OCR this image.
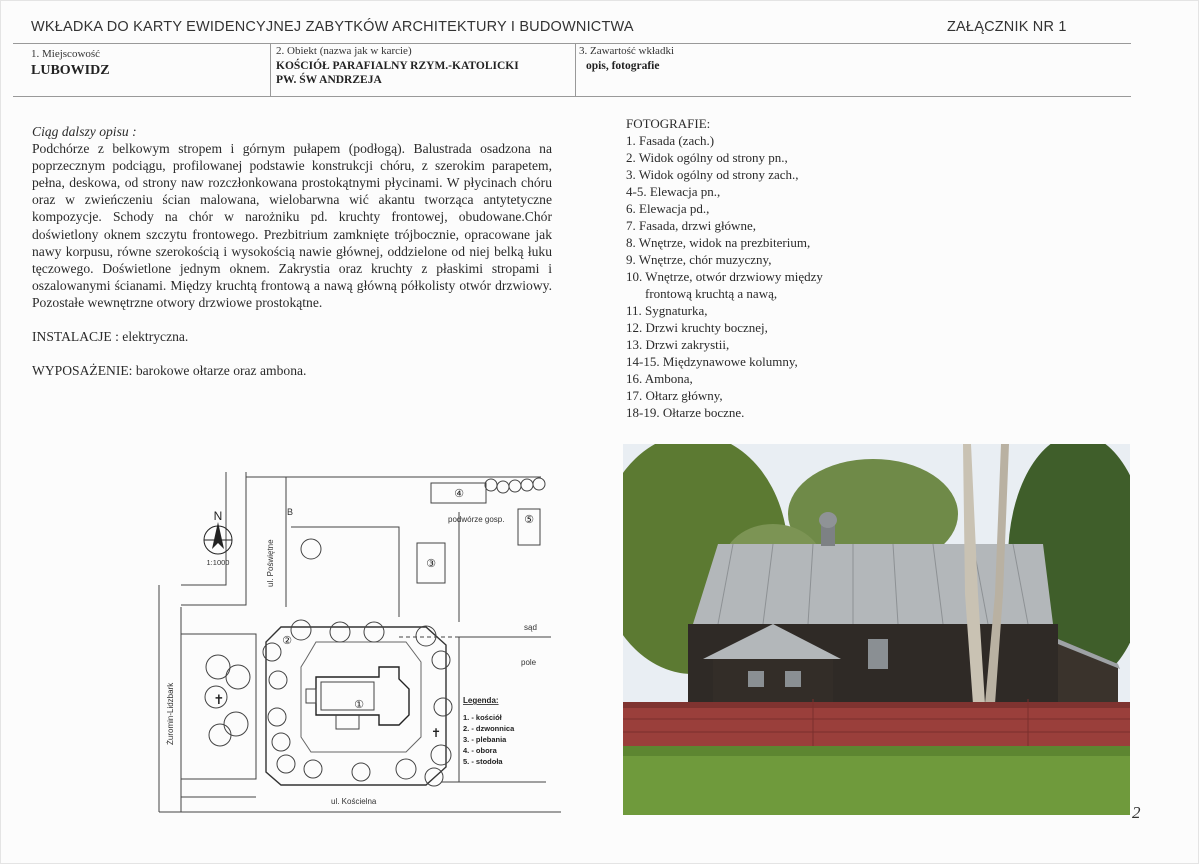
WKŁADKA DO KARTY EWIDENCYJNEJ ZABYTKÓW ARCHITEKTURY I BUDOWNICTWA	ZAŁĄCZNIK NR 1
1. Miejscowość
LUBOWIDZ
2. Obiekt (nazwa jak w karcie)
KOŚCIÓŁ PARAFIALNY RZYM.-KATOLICKI
PW. ŚW ANDRZEJA
3. Zawartość wkładki
opis, fotografie

Ciąg dalszy opisu :

Podchórze z belkowym stropem i górnym pułapem (podłogą). Balustrada osadzona na poprzecznym podciągu, profilowanej podstawie konstrukcji chóru, z szerokim parapetem, pełna, deskowa, od strony naw rozczłonkowana prostokątnymi płycinami. W płycinach chóru oraz w zwieńczeniu ścian malowana, wielobarwna wić akantu tworząca antytetyczne kompozycje. Schody na chór w narożniku pd. kruchty frontowej, obudowane.Chór doświetlony oknem szczytu frontowego. Prezbitrium zamknięte trójbocznie, opracowane jak nawy korpusu, równe szerokością i wysokością nawie głównej, oddzielone od niej belką łuku tęczowego. Doświetlone jednym oknem. Zakrystia oraz kruchty z płaskimi stropami i oszalowanymi ścianami. Między kruchtą frontową a nawą główną półkolisty otwór drzwiowy. Pozostałe wewnętrzne otwory drzwiowe prostokątne.

INSTALACJE : elektryczna.

WYPOSAŻENIE: barokowe ołtarze oraz ambona.

FOTOGRAFIE:
1. Fasada (zach.)
2. Widok ogólny od strony pn.,
3. Widok ogólny od strony zach.,
4-5. Elewacja pn.,
6. Elewacja pd.,
7. Fasada, drzwi główne,
8. Wnętrze, widok na prezbiterium,
9. Wnętrze, chór muzyczny,
10. Wnętrze, otwór drzwiowy między
frontową kruchtą a nawą,
11. Sygnaturka,
12. Drzwi kruchty bocznej,
13. Drzwi zakrystii,
14-15. Międzynawowe kolumny,
16. Ambona,
17. Ołtarz główny,
18-19. Ołtarze boczne.
N
1:1000
Żuromin-Lidzbark
ul. Poświętne
ul. Kościelna
B
podwórze gosp.
sąd
pole
①
②
③
④
⑤
✝
✝
Legenda:
1. - kościół
2. - dzwonnica
3. - plebania
4. - obora
5. - stodoła
2
